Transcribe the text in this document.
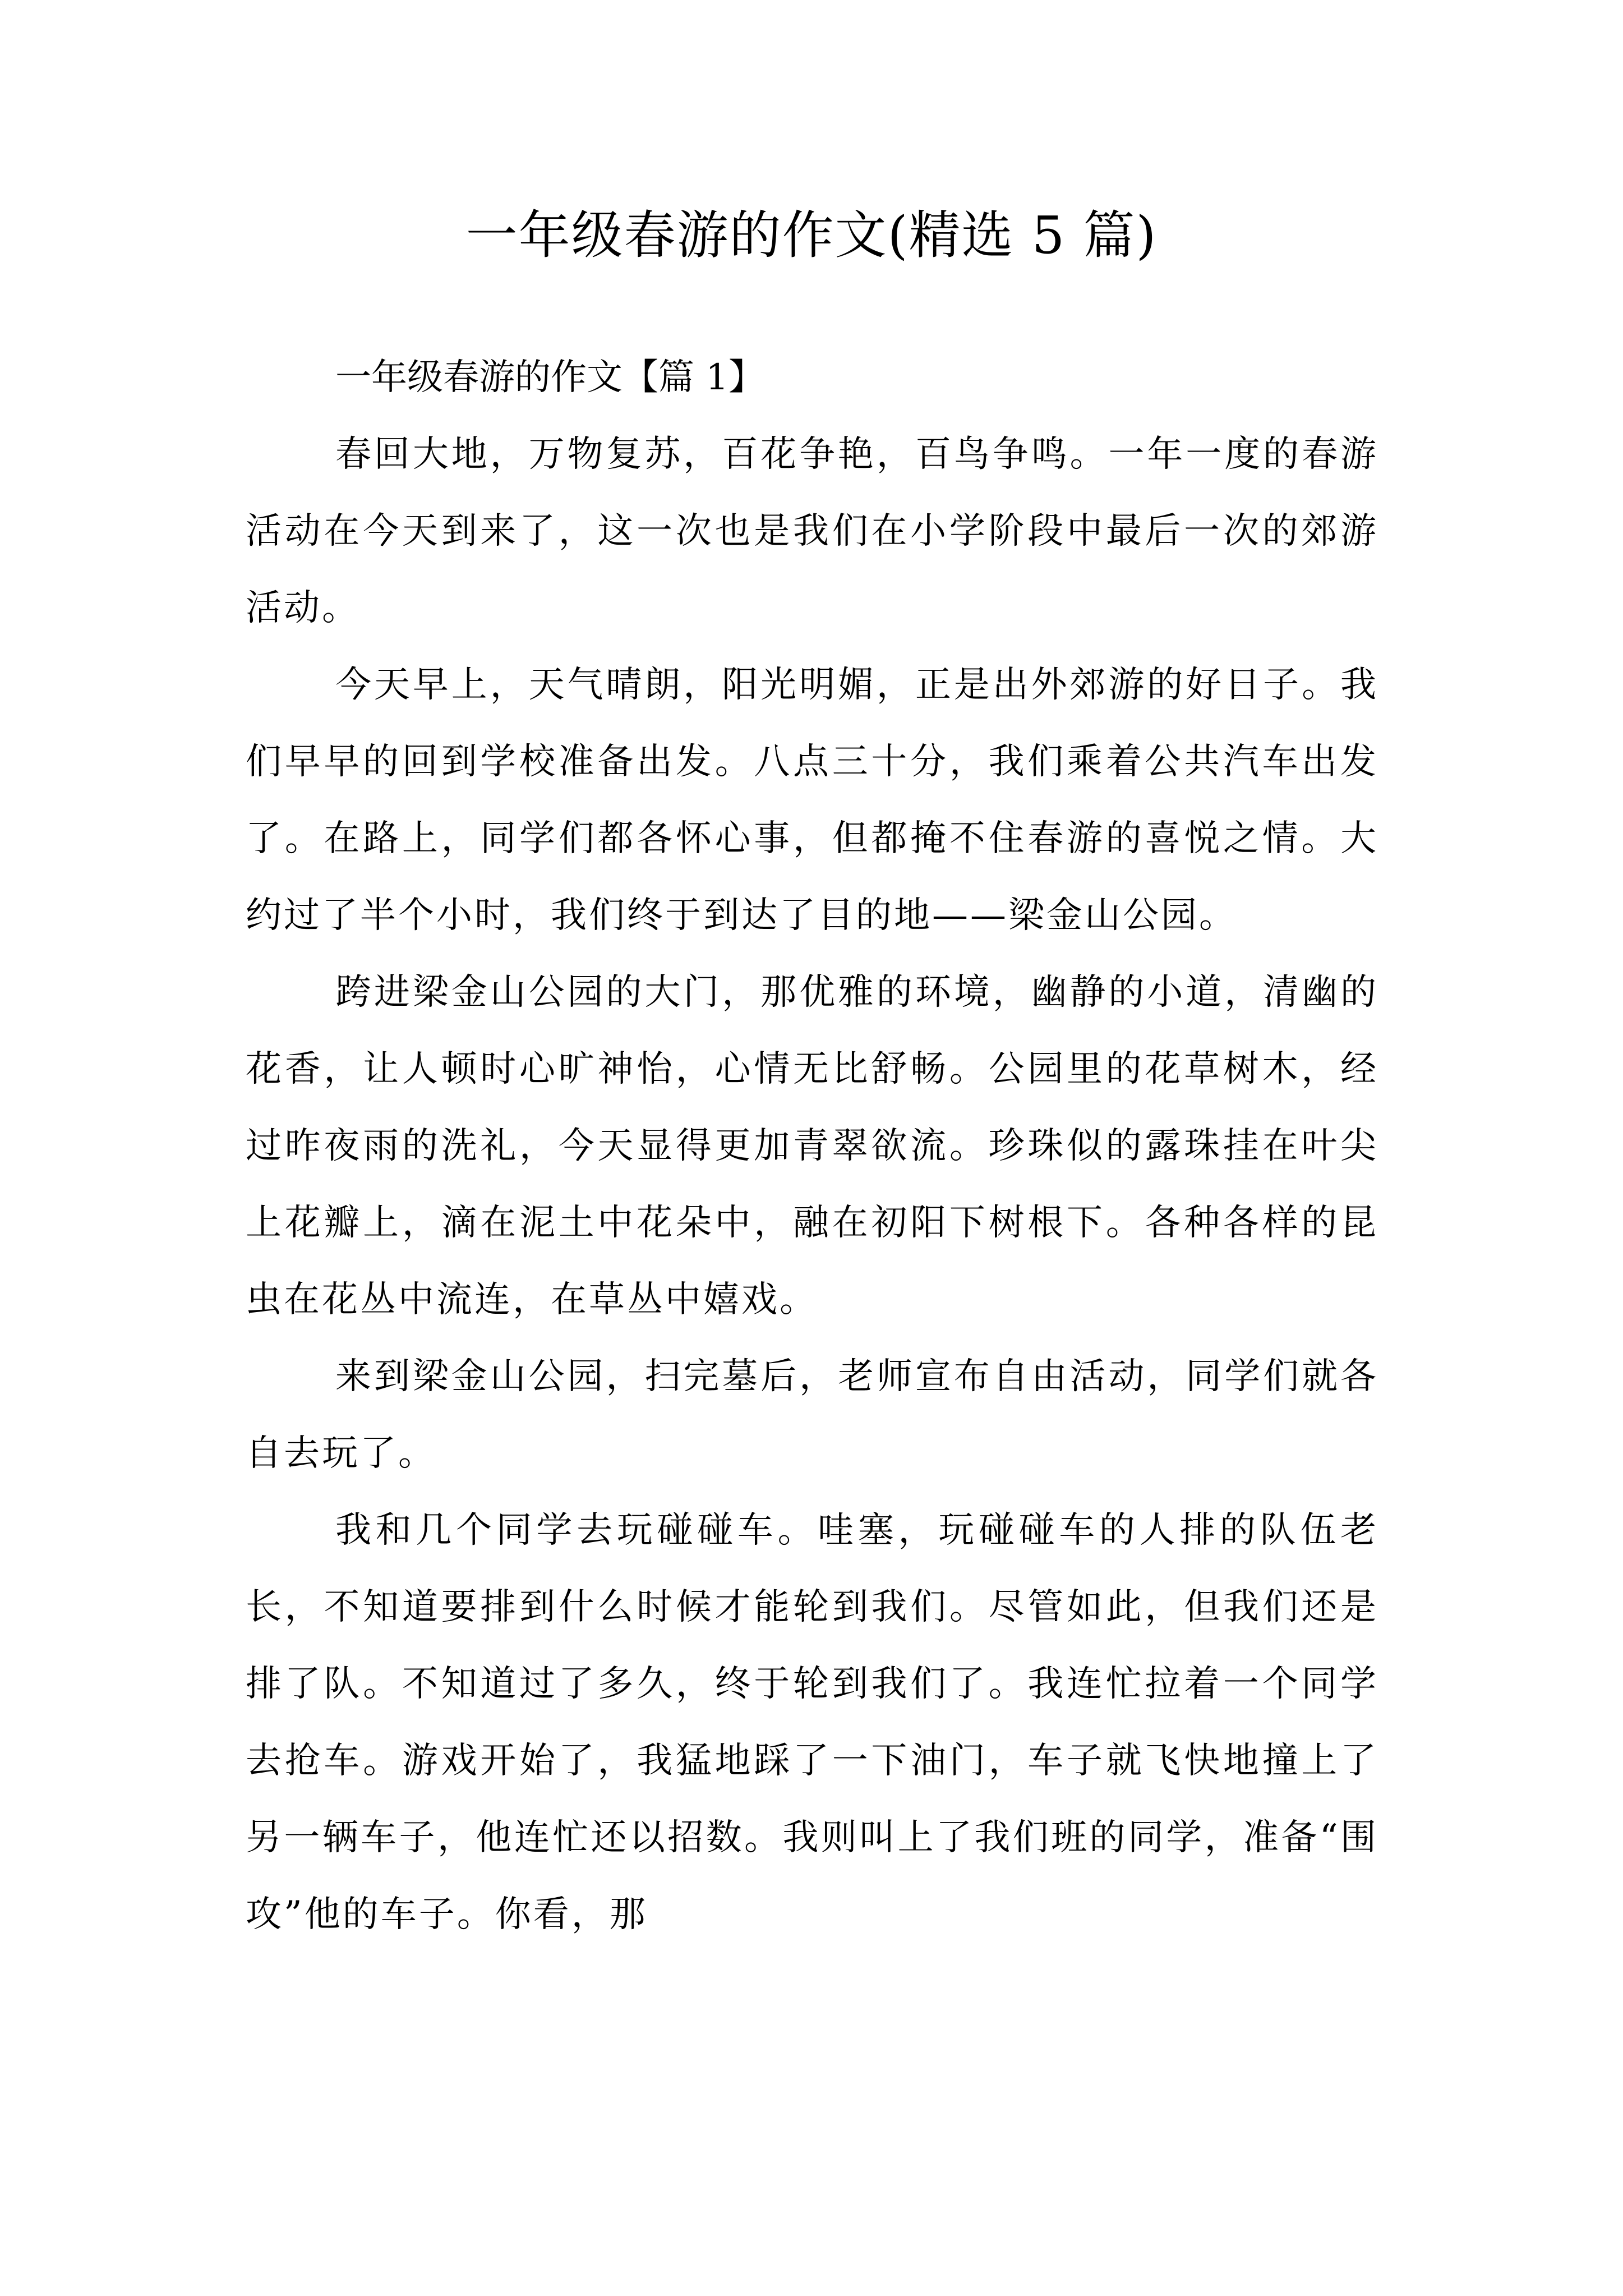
一年级春游的作文(精选 5 篇)

一年级春游的作文【篇 1】

春回大地，万物复苏，百花争艳，百鸟争鸣。一年一度的春游活动在今天到来了，这一次也是我们在小学阶段中最后一次的郊游活动。

今天早上，天气晴朗，阳光明媚，正是出外郊游的好日子。我们早早的回到学校准备出发。八点三十分，我们乘着公共汽车出发了。在路上，同学们都各怀心事，但都掩不住春游的喜悦之情。大约过了半个小时，我们终于到达了目的地——梁金山公园。

跨进梁金山公园的大门，那优雅的环境，幽静的小道，清幽的花香，让人顿时心旷神怡，心情无比舒畅。公园里的花草树木，经过昨夜雨的洗礼，今天显得更加青翠欲流。珍珠似的露珠挂在叶尖上花瓣上，滴在泥土中花朵中，融在初阳下树根下。各种各样的昆虫在花丛中流连，在草丛中嬉戏。

来到梁金山公园，扫完墓后，老师宣布自由活动，同学们就各自去玩了。

我和几个同学去玩碰碰车。哇塞，玩碰碰车的人排的队伍老长，不知道要排到什么时候才能轮到我们。尽管如此，但我们还是排了队。不知道过了多久，终于轮到我们了。我连忙拉着一个同学去抢车。游戏开始了，我猛地踩了一下油门，车子就飞快地撞上了另一辆车子，他连忙还以招数。我则叫上了我们班的同学，准备“围攻”他的车子。你看，那
